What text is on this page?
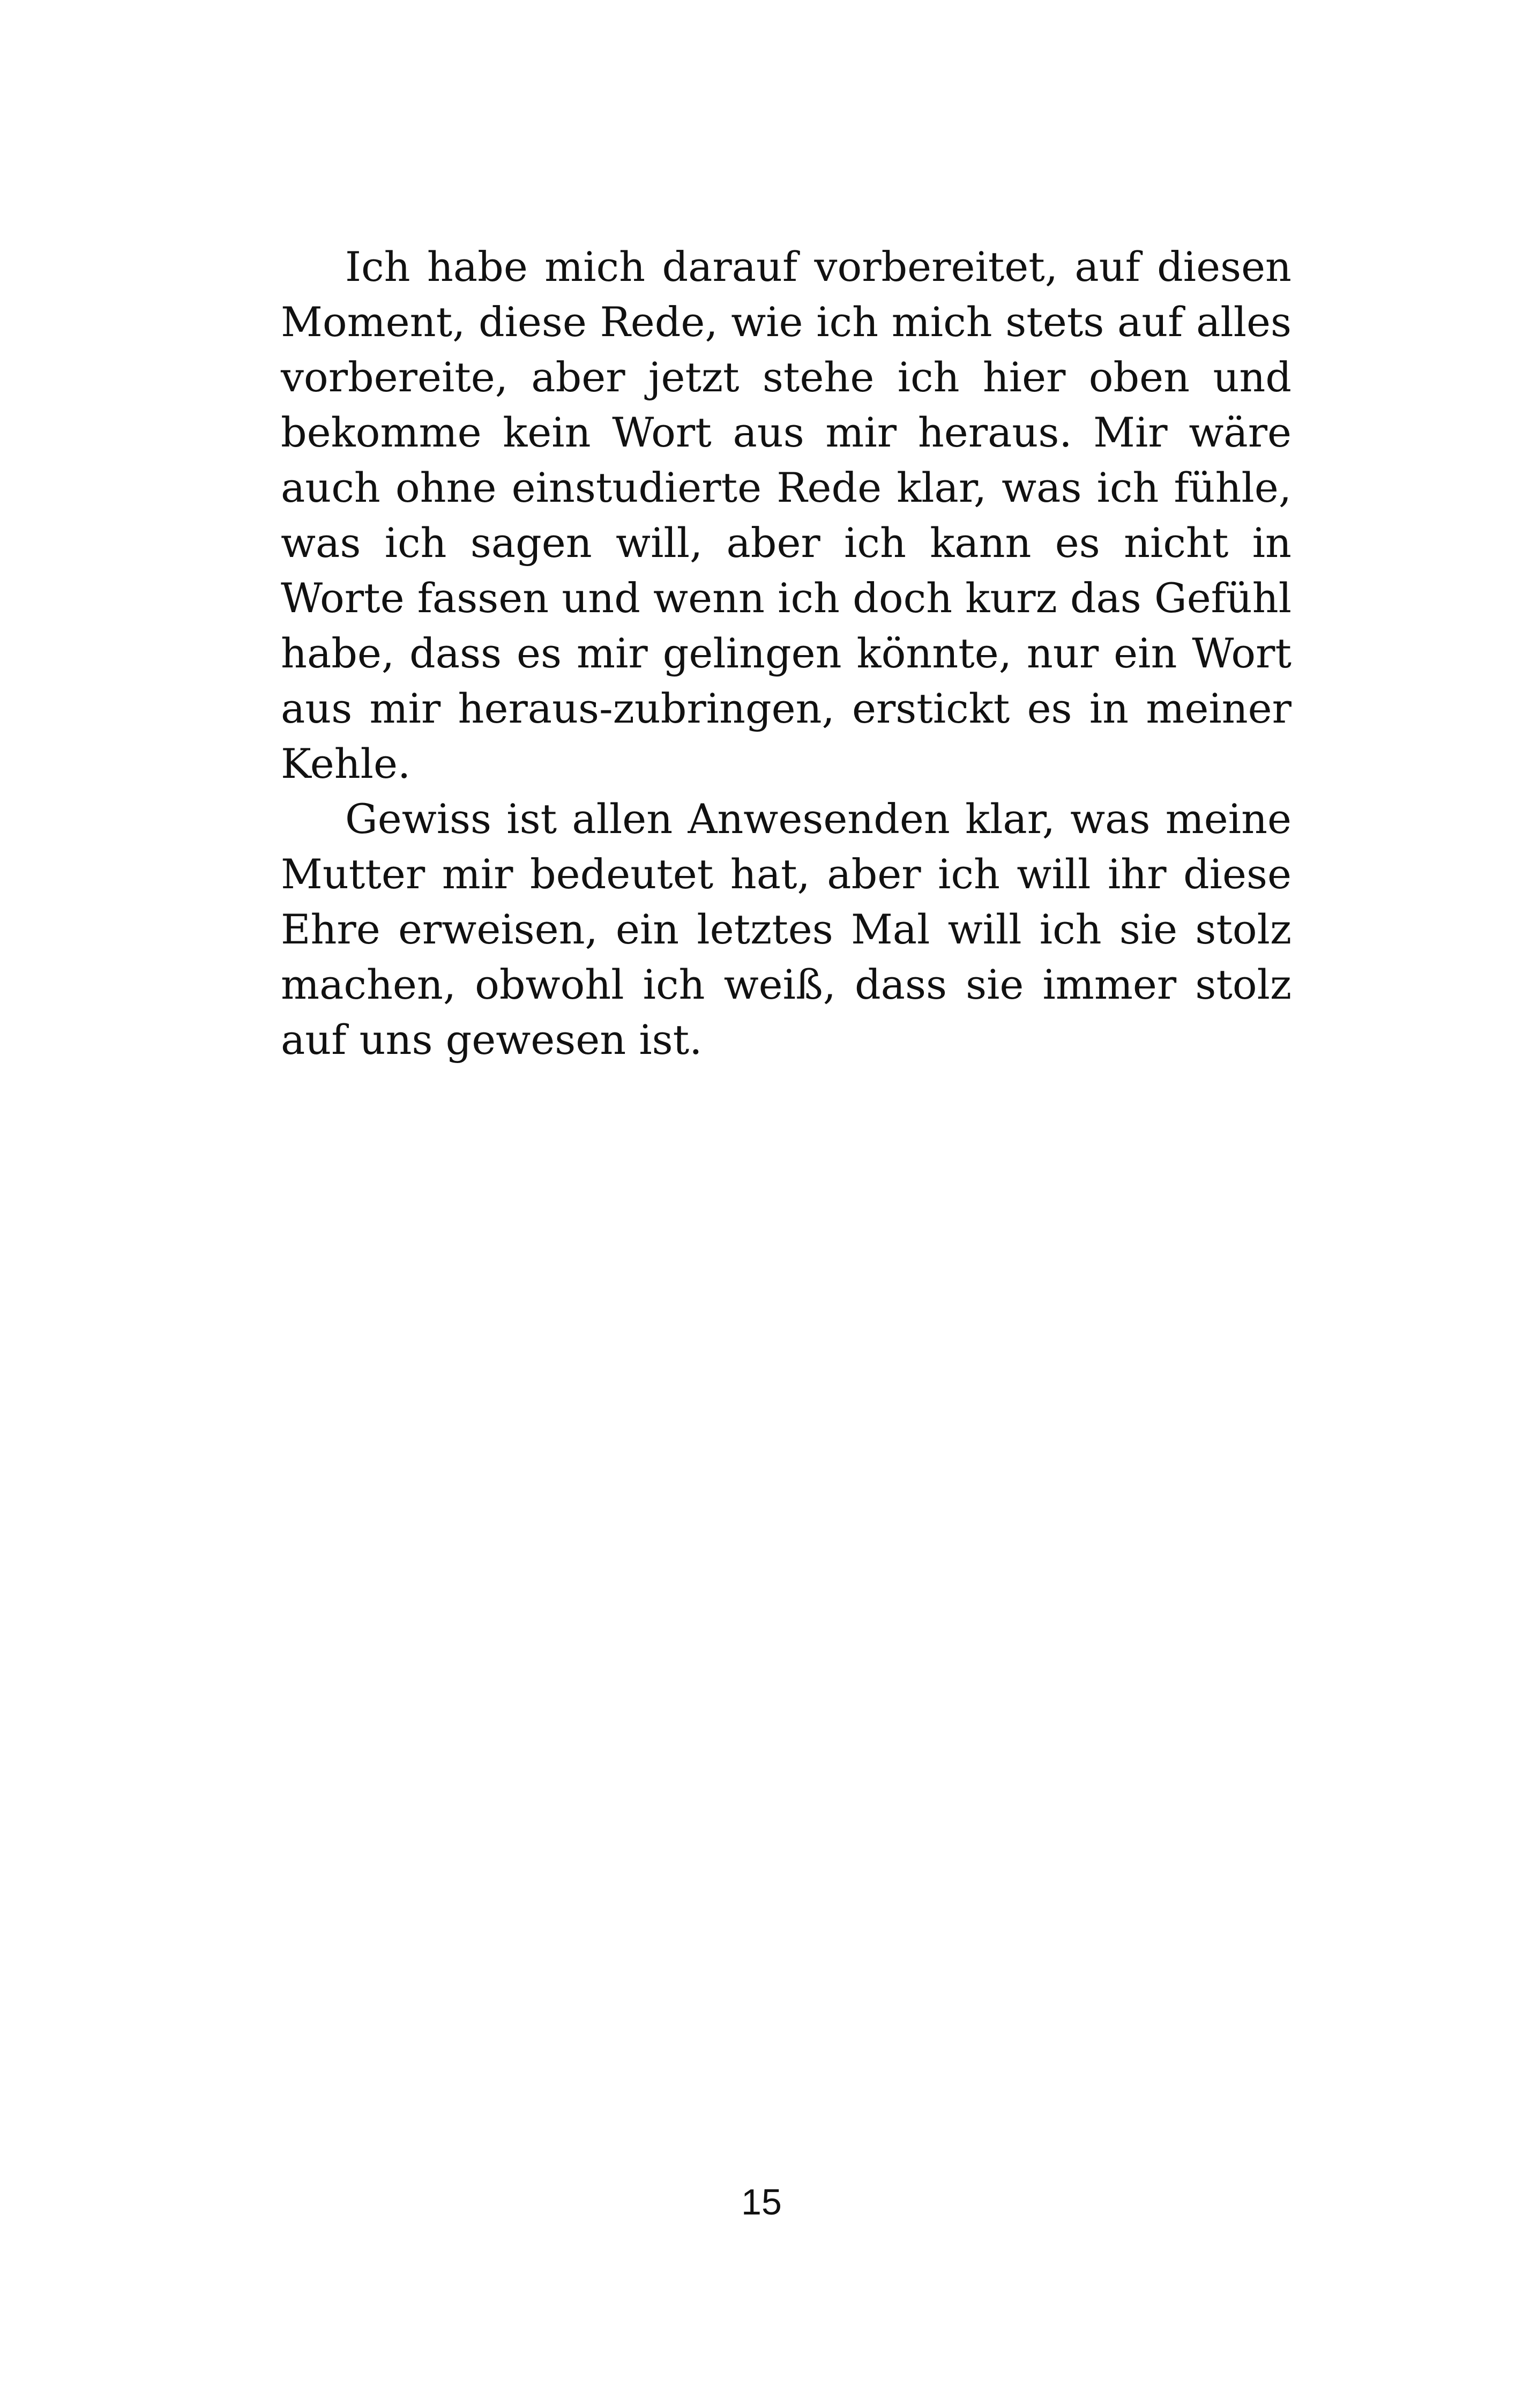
Ich habe mich darauf vorbereitet, auf diesen Moment, diese Rede, wie ich mich stets auf alles vorbereite, aber jetzt stehe ich hier oben und bekomme kein Wort aus mir heraus. Mir wäre auch ohne einstudierte Rede klar, was ich fühle, was ich sagen will, aber ich kann es nicht in Worte fassen und wenn ich doch kurz das Gefühl habe, dass es mir gelingen könnte, nur ein Wort aus mir heraus-zubringen, erstickt es in meiner Kehle.

Gewiss ist allen Anwesenden klar, was meine Mutter mir bedeutet hat, aber ich will ihr diese Ehre erweisen, ein letztes Mal will ich sie stolz machen, obwohl ich weiß, dass sie immer stolz auf uns gewesen ist.

15
